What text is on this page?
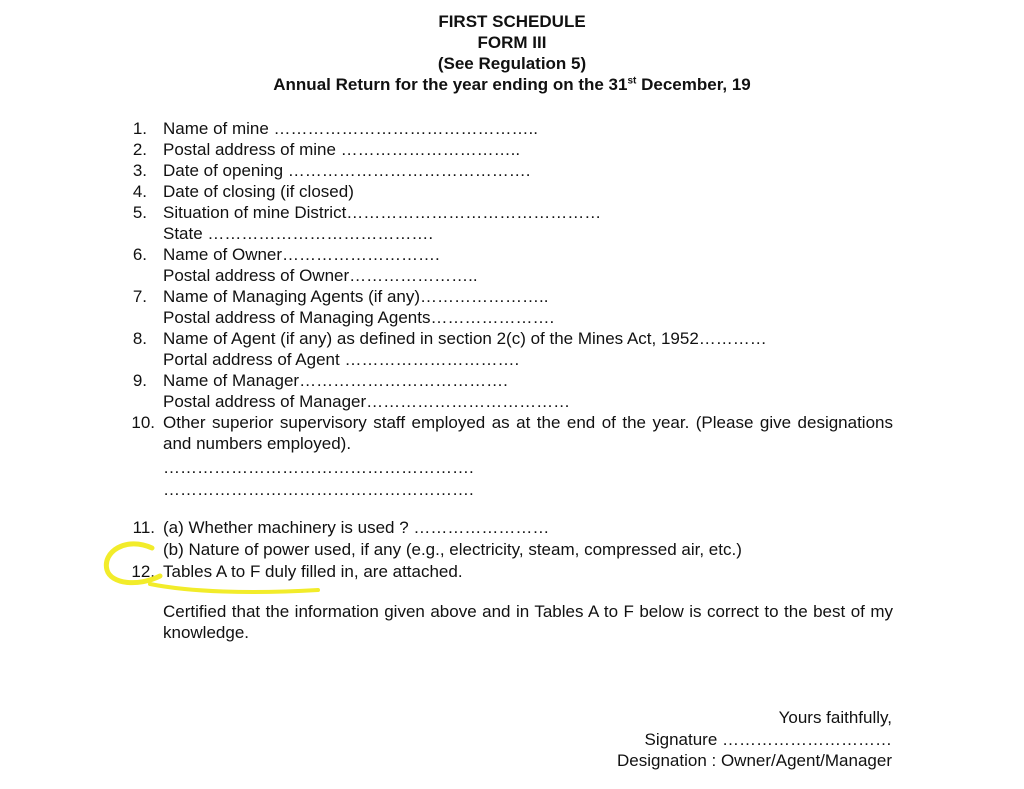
FIRST SCHEDULE
FORM III
(See Regulation 5)
Annual Return for the year ending on the 31st December, 19
1. Name of mine ………………………………………..
2. Postal address of mine …………………………..
3. Date of opening …………………………………….
4. Date of closing (if closed)
5. Situation of mine District………………………………………
State ………………………………….
6. Name of Owner……………………….
Postal address of Owner…………………..
7. Name of Managing Agents (if any)…………………..
Postal address of Managing Agents………………….
8. Name of Agent (if any) as defined in section 2(c) of the Mines Act, 1952…………
Portal address of Agent ………………………….
9. Name of Manager……………………………….
Postal address of Manager………………………………
10. Other superior supervisory staff employed as at the end of the year. (Please give designations and numbers employed).
……………………………………………….
……………………………………………….
11. (a) Whether machinery is used ? ……………………
(b) Nature of power used, if any (e.g., electricity, steam, compressed air, etc.)
12. Tables A to F duly filled in, are attached.
Certified that the information given above and in Tables A to F below is correct to the best of my knowledge.
Yours faithfully,
Signature …………………………
Designation : Owner/Agent/Manager
